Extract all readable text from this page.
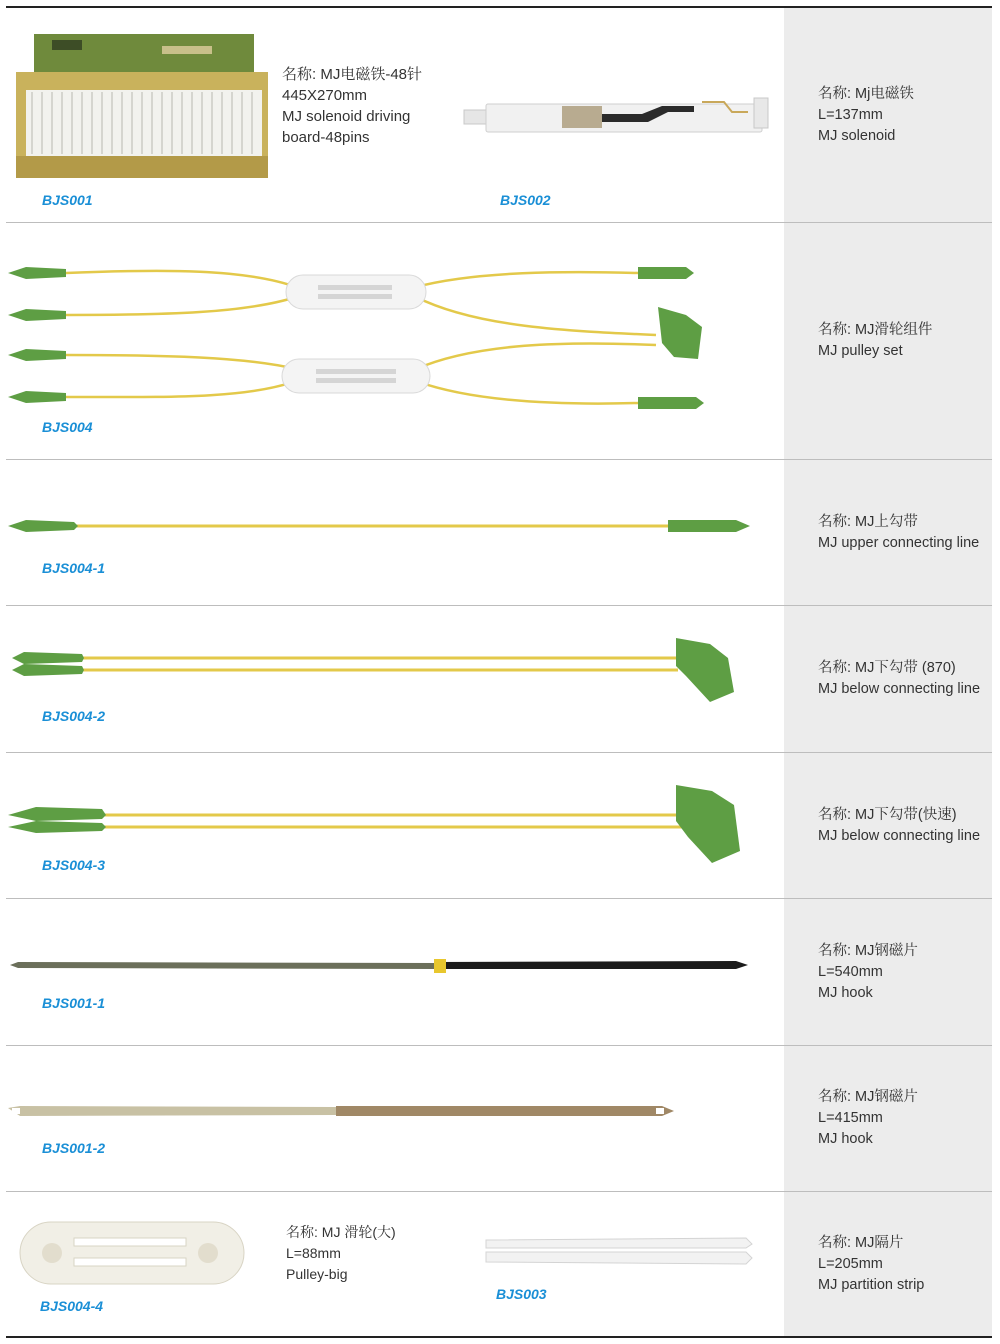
名称: MJ电磁铁-48针
445X270mm
MJ solenoid driving
board-48pins
BJS001	BJS002
名称: Mj电磁铁
L=137mm
MJ solenoid
BJS004
名称: MJ滑轮组件
MJ pulley set
BJS004-1
名称: MJ上勾带
MJ upper connecting line
BJS004-2
名称: MJ下勾带 (870)
MJ below connecting line
BJS004-3
名称: MJ下勾带(快速)
MJ below connecting line
BJS001-1
名称: MJ钢磁片
L=540mm
MJ hook
BJS001-2
名称: MJ钢磁片
L=415mm
MJ hook
名称: MJ 滑轮(大)
L=88mm
Pulley-big
BJS004-4
BJS003
名称: MJ隔片
L=205mm
MJ partition strip
